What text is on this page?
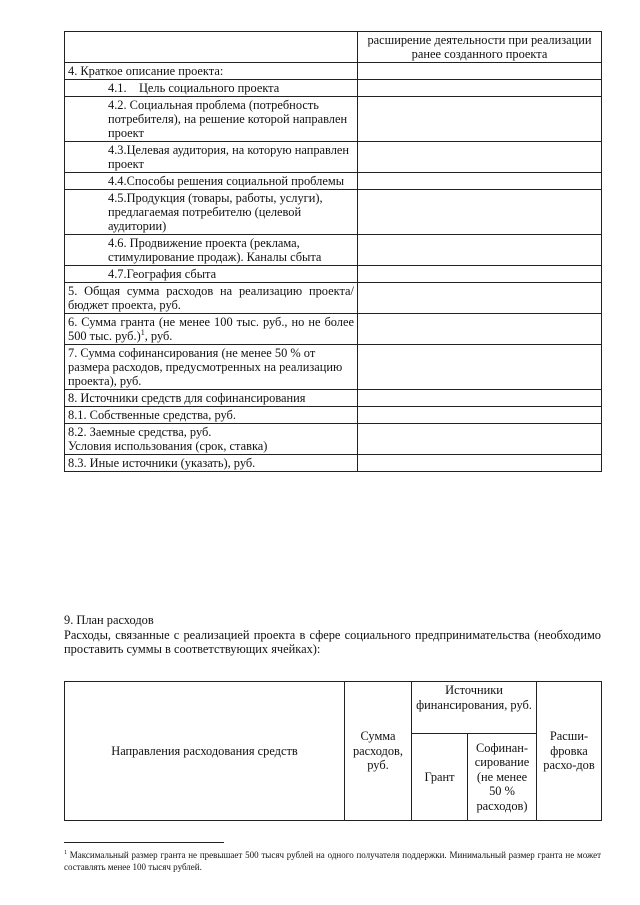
	расширение деятельности при реализации ранее созданного проекта
4. Краткое описание проекта:	
4.1.    Цель социального проекта	
4.2. Социальная проблема (потребность потребителя), на решение которой направлен проект	
4.3.Целевая аудитория, на которую направлен проект	
4.4.Способы решения социальной проблемы	
4.5.Продукция (товары, работы, услуги), предлагаемая потребителю (целевой аудитории)	
4.6. Продвижение проекта (реклама, стимулирование продаж). Каналы сбыта	
4.7.География сбыта	
5. Общая сумма расходов на реализацию проекта/бюджет проекта, руб.	
6. Сумма гранта (не менее 100 тыс. руб., но не более 500 тыс. руб.)$^1$, руб.	
7. Сумма софинансирования (не менее 50 % от размера расходов, предусмотренных на реализацию проекта), руб.	
8. Источники средств для софинансирования	
8.1. Собственные средства, руб.	

8.2. Заемные средства, руб.
Условия использования (срок, ставка)	

8.3. Иные источники (указать), руб.	

9. План расходов

Расходы, связанные с реализацией проекта в сфере социального предпринимательства (необходимо проставить суммы в соответствующих ячейках):

Направления расходования средств	Сумма расходов, руб.	Источники финансирования, руб.		Расши-фровка расхо-дов
		Грант	Софинан-сирование (не менее 50 % расходов)	
$^1$ Максимальный размер гранта не превышает 500 тысяч рублей на одного получателя поддержки. Минимальный размер гранта не может составлять менее 100 тысяч рублей.
